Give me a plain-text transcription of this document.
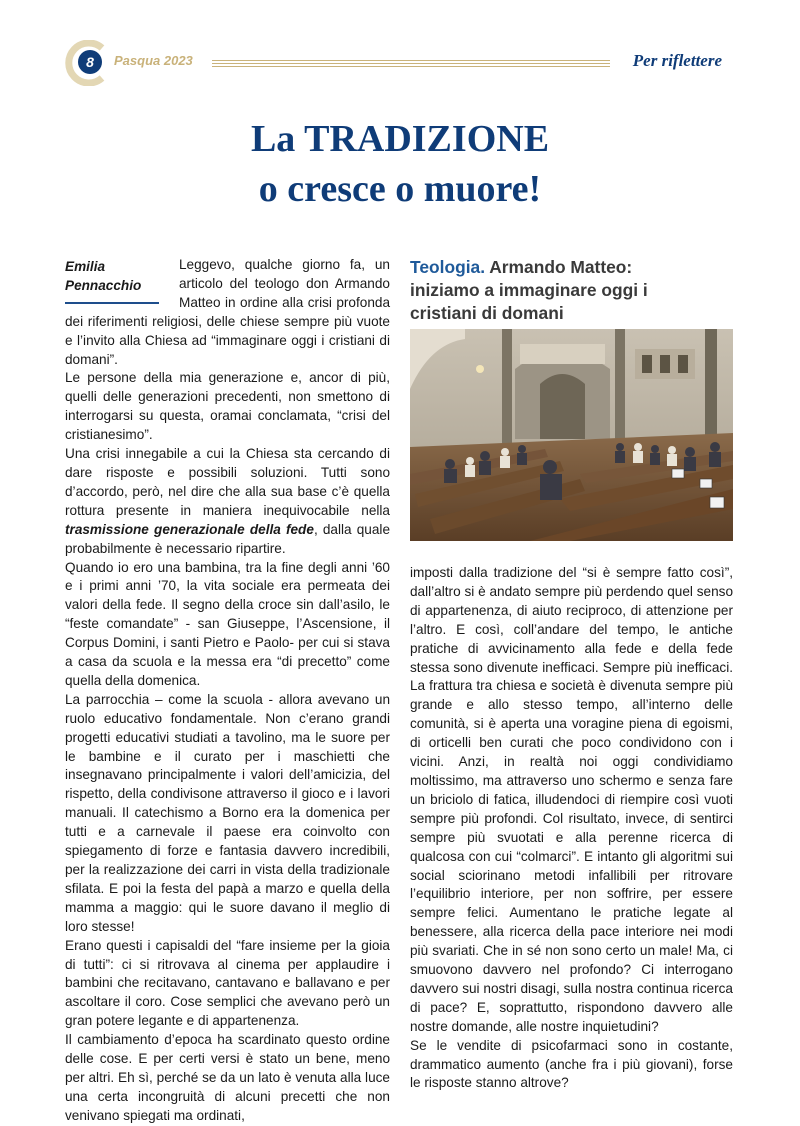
8	Pasqua 2023	Per riflettere
La TRADIZIONE
o cresce o muore!
Emilia
Pennacchio

Leggevo, qualche giorno fa, un articolo del teologo don Armando Matteo in ordine alla crisi profonda dei riferimenti religiosi, delle chiese sempre più vuote e l’invito alla Chiesa ad “immaginare oggi i cristiani di domani”.

Le persone della mia generazione e, ancor di più, quelli delle generazioni precedenti, non smettono di interrogarsi su questa, oramai conclamata, “crisi del cristianesimo”.

Una crisi innegabile a cui la Chiesa sta cercando di dare risposte e possibili soluzioni. Tutti sono d’accordo, però, nel dire che alla sua base c’è quella rottura presente in maniera inequivocabile nella trasmissione generazionale della fede, dalla quale probabilmente è necessario ripartire.

Quando io ero una bambina, tra la fine degli anni ’60 e i primi anni ’70, la vita sociale era permeata dei valori della fede. Il segno della croce sin dall’asilo, le “feste comandate” - san Giuseppe, l’Ascensione, il Corpus Domini, i santi Pietro e Paolo- per cui si stava a casa da scuola e la messa era “di precetto” come quella della domenica.

La parrocchia – come la scuola - allora avevano un ruolo educativo fondamentale. Non c’erano grandi progetti educativi studiati a tavolino, ma le suore per le bambine e il curato per i maschietti che insegnavano principalmente i valori dell’amicizia, del rispetto, della condivisone attraverso il gioco e i lavori manuali. Il catechismo a Borno era la domenica per tutti e a carnevale il paese era coinvolto con spiegamento di forze e fantasia davvero incredibili, per la realizzazione dei carri in vista della tradizionale sfilata. E poi la festa del papà a marzo e quella della mamma a maggio: qui le suore davano il meglio di loro stesse!

Erano questi i capisaldi del “fare insieme per la gioia di tutti”: ci si ritrovava al cinema per applaudire i bambini che recitavano, cantavano e ballavano e per ascoltare il coro. Cose semplici che avevano però un gran potere legante e di appartenenza.

Il cambiamento d’epoca ha scardinato questo ordine delle cose. E per certi versi è stato un bene, meno per altri. Eh sì, perché se da un lato è venuta alla luce una certa incongruità di alcuni precetti che non venivano spiegati ma ordinati,

Teologia. Armando Matteo:
iniziamo a immaginare oggi i
cristiani di domani

imposti dalla tradizione del “si è sempre fatto così”, dall’altro si è andato sempre più perdendo quel senso di appartenenza, di aiuto reciproco, di attenzione per l’altro. E così, coll’andare del tempo, le antiche pratiche di avvicinamento alla fede e della fede stessa sono divenute inefficaci. Sempre più inefficaci. La frattura tra chiesa e società è divenuta sempre più grande e allo stesso tempo, all’interno delle comunità, si è aperta una voragine piena di egoismi, di orticelli ben curati che poco condividono con i vicini. Anzi, in realtà noi oggi condividiamo moltissimo, ma attraverso uno schermo e senza fare un briciolo di fatica, illudendoci di riempire così vuoti sempre più profondi. Col risultato, invece, di sentirci sempre più svuotati e alla perenne ricerca di qualcosa con cui “colmarci”. E intanto gli algoritmi sui social sciorinano metodi infallibili per ritrovare l’equilibrio interiore, per non soffrire, per essere sempre felici. Aumentano le pratiche legate al benessere, alla ricerca della pace interiore nei modi più svariati. Che in sé non sono certo un male! Ma, ci smuovono davvero nel profondo? Ci interrogano davvero sui nostri disagi, sulla nostra continua ricerca di pace? E, soprattutto, rispondono davvero alle nostre domande, alle nostre inquietudini?

Se le vendite di psicofarmaci sono in costante, drammatico aumento (anche fra i più giovani), forse le risposte stanno altrove?
